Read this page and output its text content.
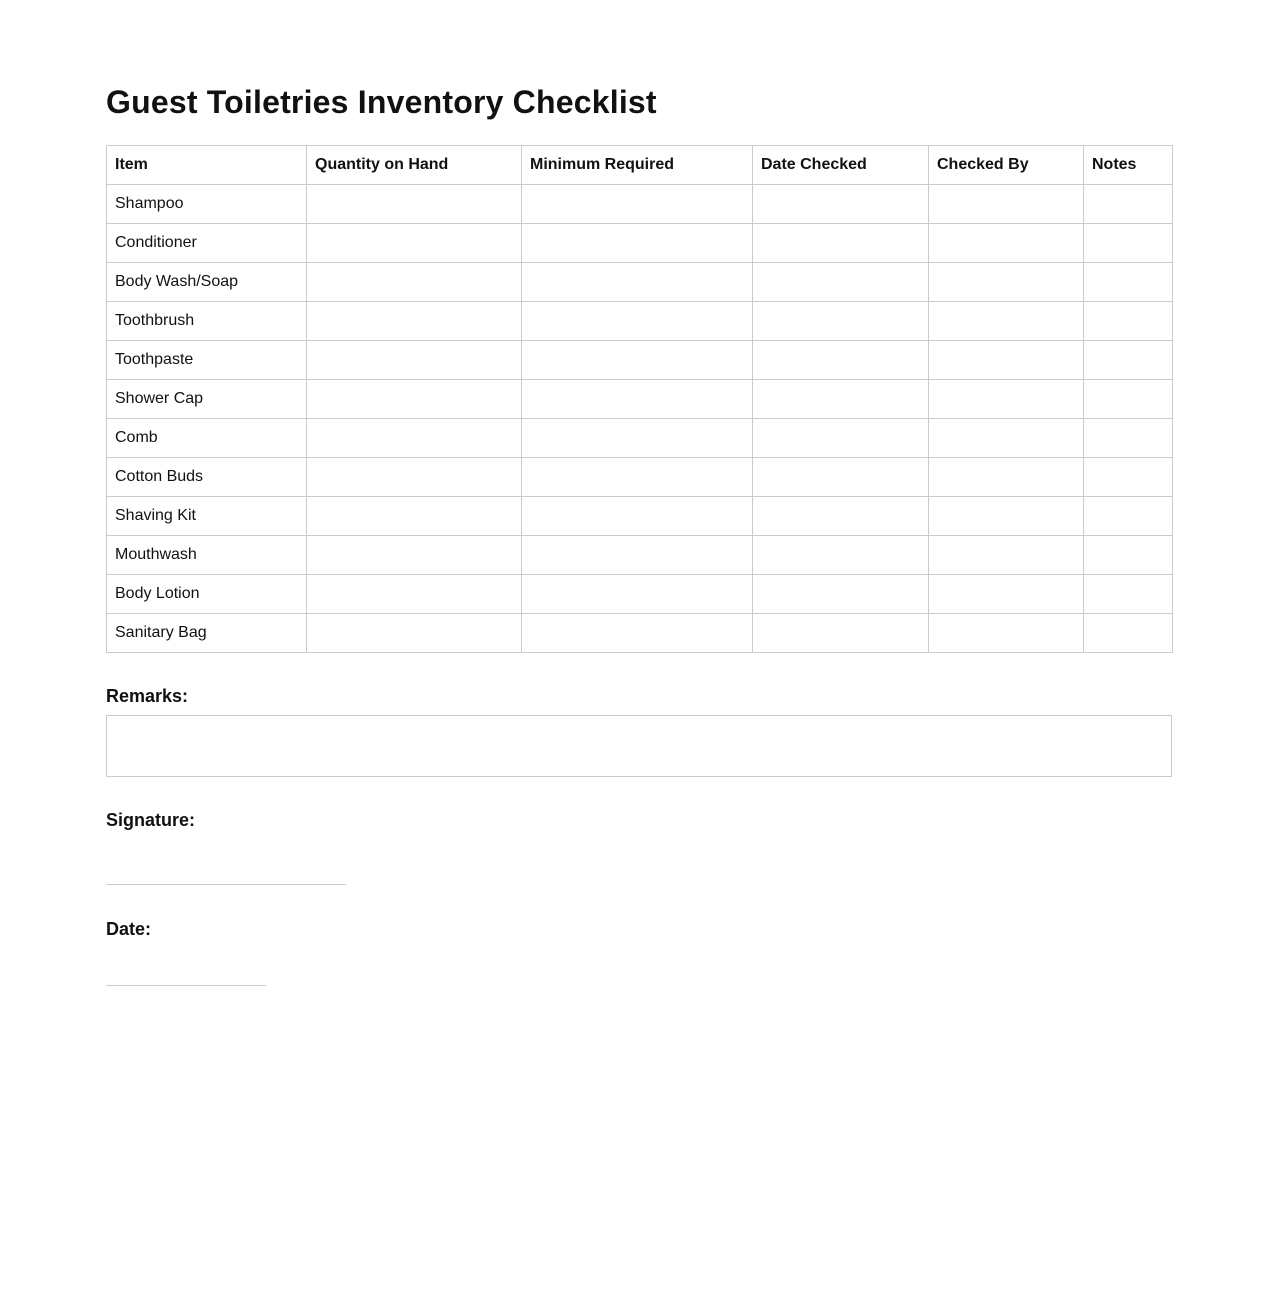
Guest Toiletries Inventory Checklist
Item	Quantity on Hand	Minimum Required	Date Checked	Checked By	Notes
Shampoo					
Conditioner					
Body Wash/Soap					
Toothbrush					
Toothpaste					
Shower Cap					
Comb					
Cotton Buds					
Shaving Kit					
Mouthwash					
Body Lotion					
Sanitary Bag					
Remarks:
Signature:
Date:
